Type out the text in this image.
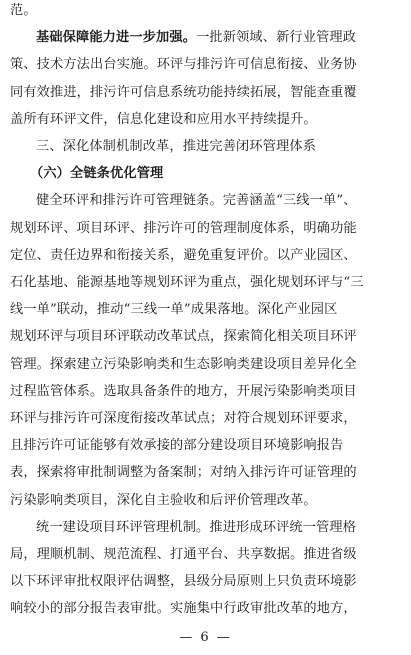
范。
基础保障能力进一步加强。一批新领域、新行业管理政
策、技术方法出台实施。环评与排污许可信息衔接、业务协
同有效推进，排污许可信息系统功能持续拓展，智能查重覆
盖所有环评文件，信息化建设和应用水平持续提升。
三、深化体制机制改革，推进完善闭环管理体系
（六）全链条优化管理
健全环评和排污许可管理链条。完善涵盖“三线一单”、
规划环评、项目环评、排污许可的管理制度体系，明确功能
定位、责任边界和衔接关系，避免重复评价。以产业园区、
石化基地、能源基地等规划环评为重点，强化规划环评与“三
线一单”联动，推动“三线一单”成果落地。深化产业园区
规划环评与项目环评联动改革试点，探索简化相关项目环评
管理。探索建立污染影响类和生态影响类建设项目差异化全
过程监管体系。选取具备条件的地方，开展污染影响类项目
环评与排污许可深度衔接改革试点；对符合规划环评要求，
且排污许可证能够有效承接的部分建设项目环境影响报告
表，探索将审批制调整为备案制；对纳入排污许可证管理的
污染影响类项目，深化自主验收和后评价管理改革。
统一建设项目环评管理机制。推进形成环评统一管理格
局，理顺机制、规范流程、打通平台、共享数据。推进省级
以下环评审批权限评估调整，县级分局原则上只负责环境影
响较小的部分报告表审批。实施集中行政审批改革的地方，
— 6 —
